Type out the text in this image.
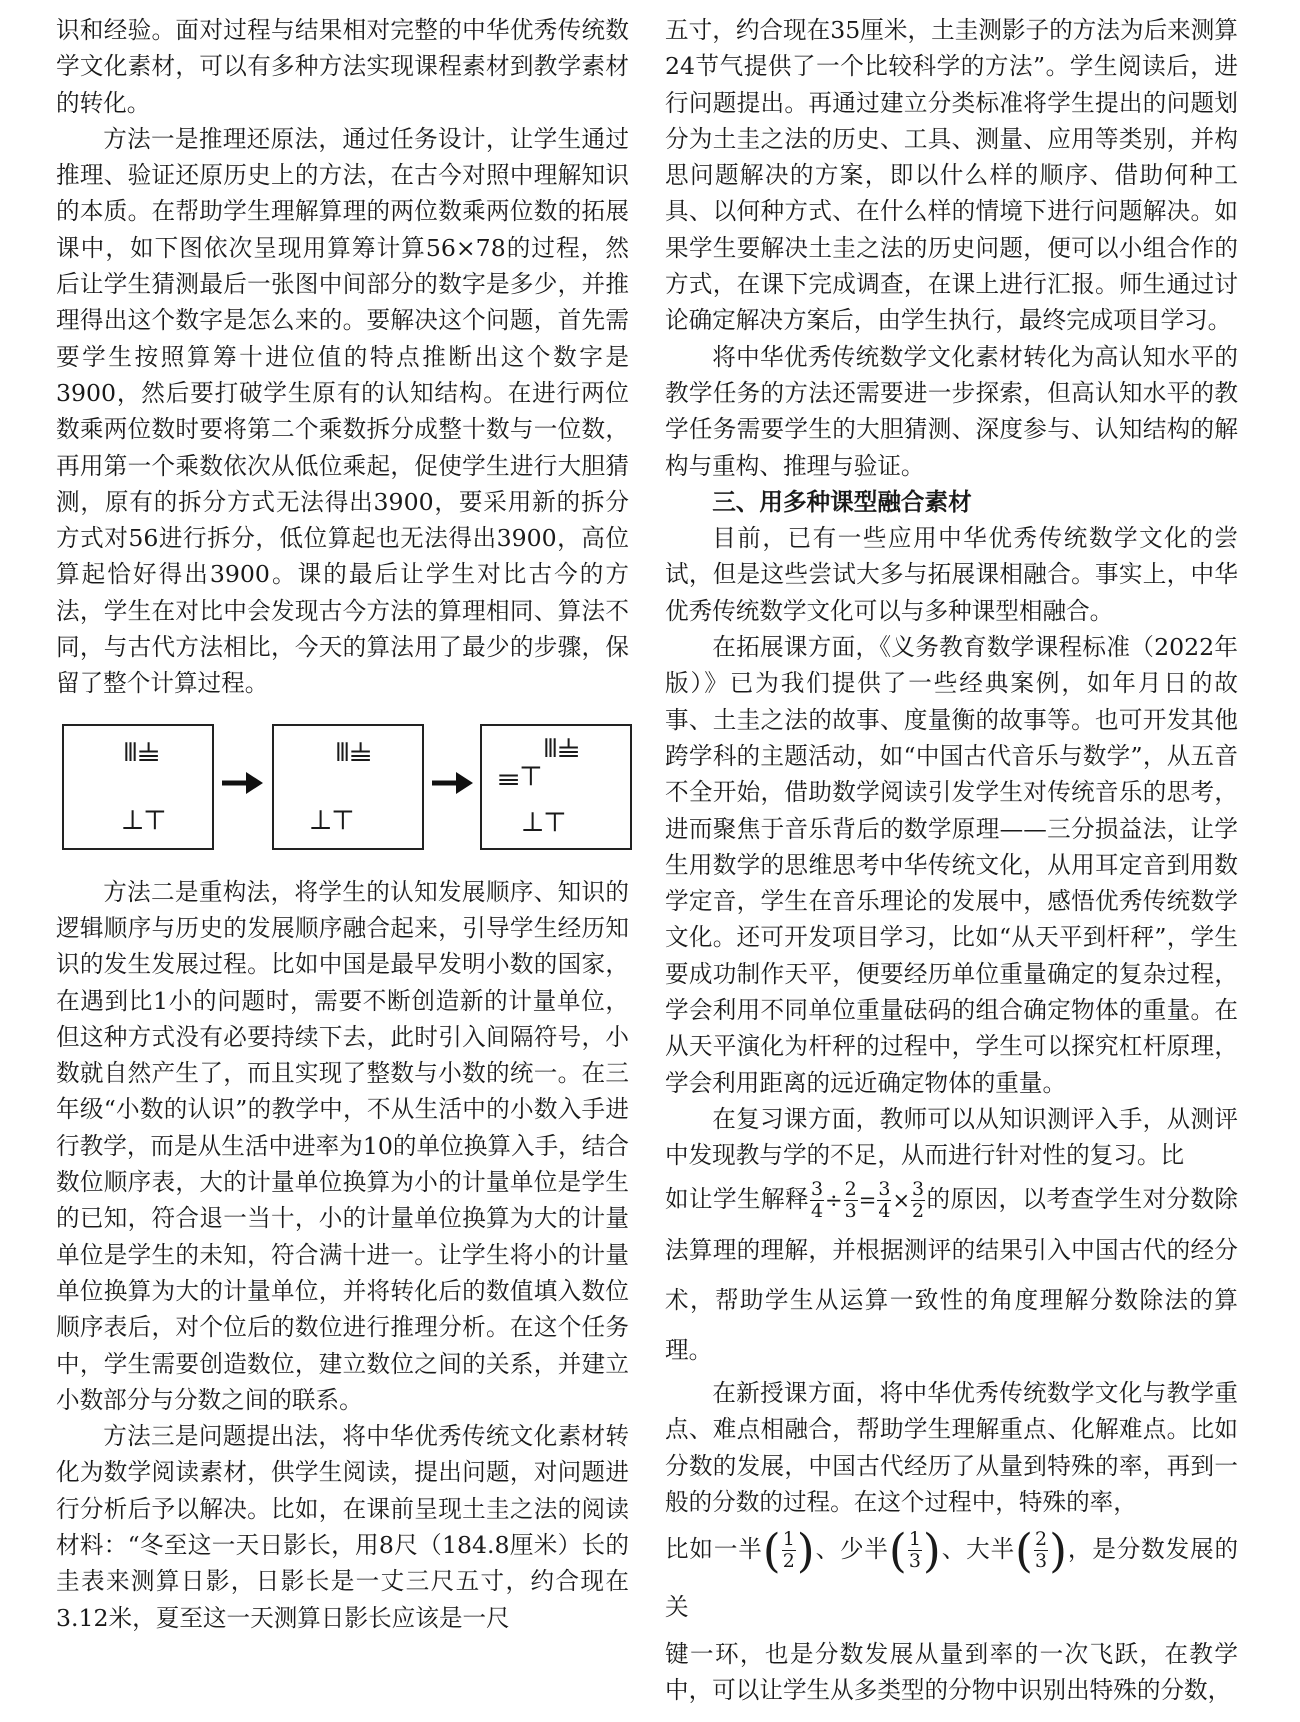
识和经验。面对过程与结果相对完整的中华优秀传统数学文化素材，可以有多种方法实现课程素材到教学素材的转化。

方法一是推理还原法，通过任务设计，让学生通过推理、验证还原历史上的方法，在古今对照中理解知识的本质。在帮助学生理解算理的两位数乘两位数的拓展课中，如下图依次呈现用算筹计算56×78的过程，然后让学生猜测最后一张图中间部分的数字是多少，并推理得出这个数字是怎么来的。要解决这个问题，首先需要学生按照算筹十进位值的特点推断出这个数字是3900，然后要打破学生原有的认知结构。在进行两位数乘两位数时要将第二个乘数拆分成整十数与一位数，再用第一个乘数依次从低位乘起，促使学生进行大胆猜测，原有的拆分方式无法得出3900，要采用新的拆分方式对56进行拆分，低位算起也无法得出3900，高位算起恰好得出3900。课的最后让学生对比古今的方法，学生在对比中会发现古今方法的算理相同、算法不同，与古代方法相比，今天的算法用了最少的步骤，保留了整个计算过程。

𝍫𝍧
𝍥𝍮
𝍫𝍧
𝍥𝍮
𝍫𝍧
𝍢𝍮
𝍥𝍮

方法二是重构法，将学生的认知发展顺序、知识的逻辑顺序与历史的发展顺序融合起来，引导学生经历知识的发生发展过程。比如中国是最早发明小数的国家，在遇到比1小的问题时，需要不断创造新的计量单位，但这种方式没有必要持续下去，此时引入间隔符号，小数就自然产生了，而且实现了整数与小数的统一。在三年级“小数的认识”的教学中，不从生活中的小数入手进行教学，而是从生活中进率为10的单位换算入手，结合数位顺序表，大的计量单位换算为小的计量单位是学生的已知，符合退一当十，小的计量单位换算为大的计量单位是学生的未知，符合满十进一。让学生将小的计量单位换算为大的计量单位，并将转化后的数值填入数位顺序表后，对个位后的数位进行推理分析。在这个任务中，学生需要创造数位，建立数位之间的关系，并建立小数部分与分数之间的联系。

方法三是问题提出法，将中华优秀传统文化素材转化为数学阅读素材，供学生阅读，提出问题，对问题进行分析后予以解决。比如，在课前呈现土圭之法的阅读材料：“冬至这一天日影长，用8尺（184.8厘米）长的圭表来测算日影，日影长是一丈三尺五寸，约合现在3.12米，夏至这一天测算日影长应该是一尺

五寸，约合现在35厘米，土圭测影子的方法为后来测算24节气提供了一个比较科学的方法”。学生阅读后，进行问题提出。再通过建立分类标准将学生提出的问题划分为土圭之法的历史、工具、测量、应用等类别，并构思问题解决的方案，即以什么样的顺序、借助何种工具、以何种方式、在什么样的情境下进行问题解决。如果学生要解决土圭之法的历史问题，便可以小组合作的方式，在课下完成调查，在课上进行汇报。师生通过讨论确定解决方案后，由学生执行，最终完成项目学习。

将中华优秀传统数学文化素材转化为高认知水平的教学任务的方法还需要进一步探索，但高认知水平的教学任务需要学生的大胆猜测、深度参与、认知结构的解构与重构、推理与验证。

三、用多种课型融合素材

目前，已有一些应用中华优秀传统数学文化的尝试，但是这些尝试大多与拓展课相融合。事实上，中华优秀传统数学文化可以与多种课型相融合。

在拓展课方面，《义务教育数学课程标准（2022年版）》已为我们提供了一些经典案例，如年月日的故事、土圭之法的故事、度量衡的故事等。也可开发其他跨学科的主题活动，如“中国古代音乐与数学”，从五音不全开始，借助数学阅读引发学生对传统音乐的思考，进而聚焦于音乐背后的数学原理——三分损益法，让学生用数学的思维思考中华传统文化，从用耳定音到用数学定音，学生在音乐理论的发展中，感悟优秀传统数学文化。还可开发项目学习，比如“从天平到杆秤”，学生要成功制作天平，便要经历单位重量确定的复杂过程，学会利用不同单位重量砝码的组合确定物体的重量。在从天平演化为杆秤的过程中，学生可以探究杠杆原理，学会利用距离的远近确定物体的重量。

在复习课方面，教师可以从知识测评入手，从测评中发现教与学的不足，从而进行针对性的复习。比

如让学生解释 $\frac{3}{4} \div \frac{2}{3} = \frac{3}{4} \times \frac{3}{2}$ 的原因，以考查学生对分数除法算理的理解，并根据测评的结果引入中国古代的经分术，帮助学生从运算一致性的角度理解分数除法的算理。

在新授课方面，将中华优秀传统数学文化与教学重点、难点相融合，帮助学生理解重点、化解难点。比如分数的发展，中国古代经历了从量到特殊的率，再到一般的分数的过程。在这个过程中，特殊的率，

比如一半( $\frac{1}{2}$ )、少半( $\frac{1}{3}$ )、大半( $\frac{2}{3}$ )，是分数发展的关

键一环，也是分数发展从量到率的一次飞跃，在教学中，可以让学生从多类型的分物中识别出特殊的分数，
